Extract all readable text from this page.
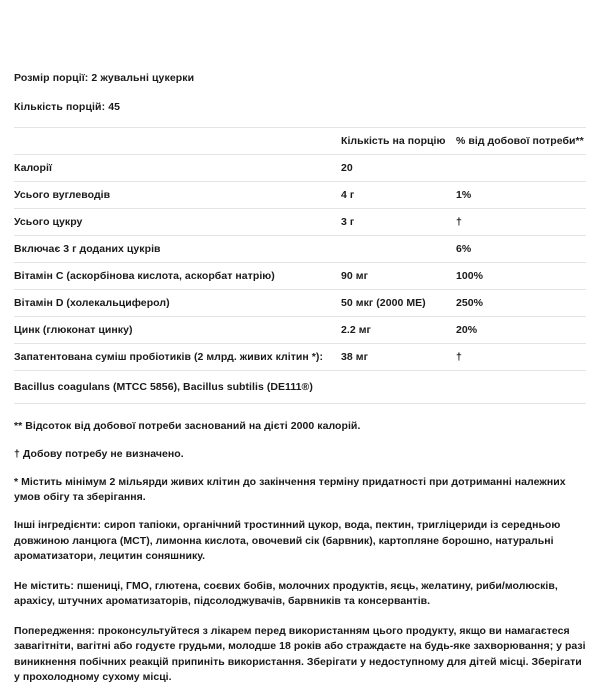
Розмір порції: 2 жувальні цукерки

Кількість порцій: 45

	Кількість на порцію	% від добової потреби**
Калорії	20	
Усього вуглеводів	4 г	1%
Усього цукру	3 г	†
Включає 3 г доданих цукрів		6%
Вітамін C (аскорбінова кислота, аскорбат натрію)	90 мг	100%
Вітамін D (холекальциферол)	50 мкг (2000 МЕ)	250%
Цинк (глюконат цинку)	2.2 мг	20%
Запатентована суміш пробіотиків (2 млрд. живих клітин *):	38 мг	†
Bacillus coagulans (MTCC 5856), Bacillus subtilis (DE111®)		

** Відсоток від добової потреби заснований на дієті 2000 калорій.

† Добову потребу не визначено.

* Містить мінімум 2 мільярди живих клітин до закінчення терміну придатності при дотриманні належних умов обігу та зберігання.

Інші інгредієнти: сироп тапіоки, органічний тростинний цукор, вода, пектин, тригліцериди із середньою довжиною ланцюга (MCT), лимонна кислота, овочевий сік (барвник), картопляне борошно, натуральні ароматизатори, лецитин соняшнику.

Не містить: пшениці, ГМО, глютена, соєвих бобів, молочних продуктів, яєць, желатину, риби/молюсків, арахісу, штучних ароматизаторів, підсолоджувачів, барвників та консервантів.

Попередження: проконсультуйтеся з лікарем перед використанням цього продукту, якщо ви намагаєтеся завагітніти, вагітні або годуєте грудьми, молодше 18 років або страждаєте на будь-яке захворювання; у разі виникнення побічних реакцій припиніть використання. Зберігати у недоступному для дітей місці. Зберігати у прохолодному сухому місці.
